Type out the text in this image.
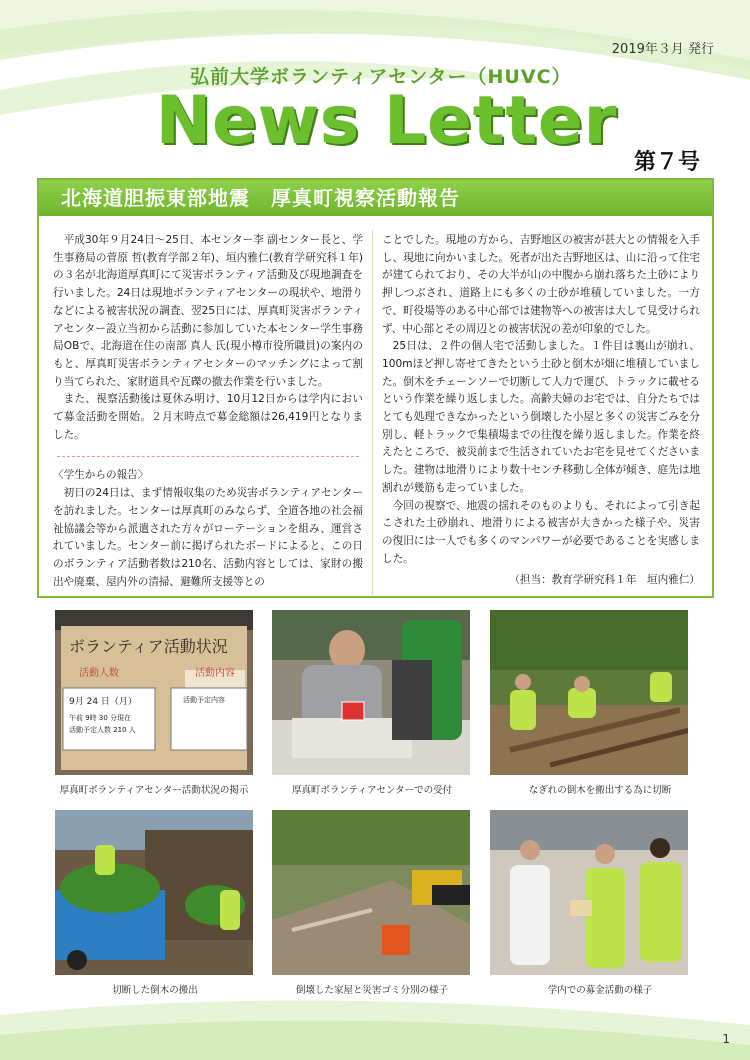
2019年３月 発行
弘前大学ボランティアセンター（HUVC）
News Letter
第７号
北海道胆振東部地震　厚真町視察活動報告

平成30年９月24日～25日、本センター李 副センター長と、学生事務局の菅原 哲(教育学部２年)、垣内雅仁(教育学研究科１年)の３名が北海道厚真町にて災害ボランティア活動及び現地調査を行いました。24日は現地ボランティアセンターの現状や、地滑りなどによる被害状況の調査、翌25日には、厚真町災害ボランティアセンター設立当初から活動に参加していた本センター学生事務局OBで、北海道在住の南部 真人 氏(現小樽市役所職員)の案内のもと、厚真町災害ボランティアセンターのマッチングによって割り当てられた、家財道具や瓦礫の撤去作業を行いました。

また、視察活動後は夏休み明け、10月12日からは学内において募金活動を開始。２月末時点で募金総額は26,419円となりました。

〈学生からの報告〉

初日の24日は、まず情報収集のため災害ボランティアセンターを訪れました。センターは厚真町のみならず、全道各地の社会福祉協議会等から派遣された方々がローテーションを組み、運営されていました。センター前に掲げられたボードによると、この日のボランティア活動者数は210名、活動内容としては、家財の搬出や廃棄、屋内外の清掃、避難所支援等との

ことでした。現地の方から、吉野地区の被害が甚大との情報を入手し、現地に向かいました。死者が出た吉野地区は、山に沿って住宅が建てられており、その大半が山の中腹から崩れ落ちた土砂により押しつぶされ、道路上にも多くの土砂が堆積していました。一方で、町役場等のある中心部では建物等への被害は大して見受けられず、中心部とその周辺との被害状況の差が印象的でした。

25日は、２件の個人宅で活動しました。１件目は裏山が崩れ、100mほど押し寄せてきたという土砂と倒木が畑に堆積していました。倒木をチェーンソーで切断して人力で運び、トラックに載せるという作業を繰り返しました。高齢夫婦のお宅では、自分たちではとても処理できなかったという倒壊した小屋と多くの災害ごみを分別し、軽トラックで集積場までの往復を繰り返しました。作業を終えたところで、被災前まで生活されていたお宅を見せてくださいました。建物は地滑りにより数十センチ移動し全体が傾き、庭先は地割れが幾筋も走っていました。

今回の視察で、地震の揺れそのものよりも、それによって引き起こされた土砂崩れ、地滑りによる被害が大きかった様子や、災害の復旧には一人でも多くのマンパワーが必要であることを実感しました。

（担当：教育学研究科１年　垣内雅仁）

ボランティア活動状況
活動人数	活動内容
9月 24 日（月）
午前 9時 30 分現在
活動予定人数 210 人
活動予定内容
厚真町ボランティアセンター活動状況の掲示	厚真町ボランティアセンターでの受付	なぎれの倒木を搬出する為に切断
切断した倒木の搬出	倒壊した家屋と災害ゴミ分別の様子	学内での募金活動の様子
1
